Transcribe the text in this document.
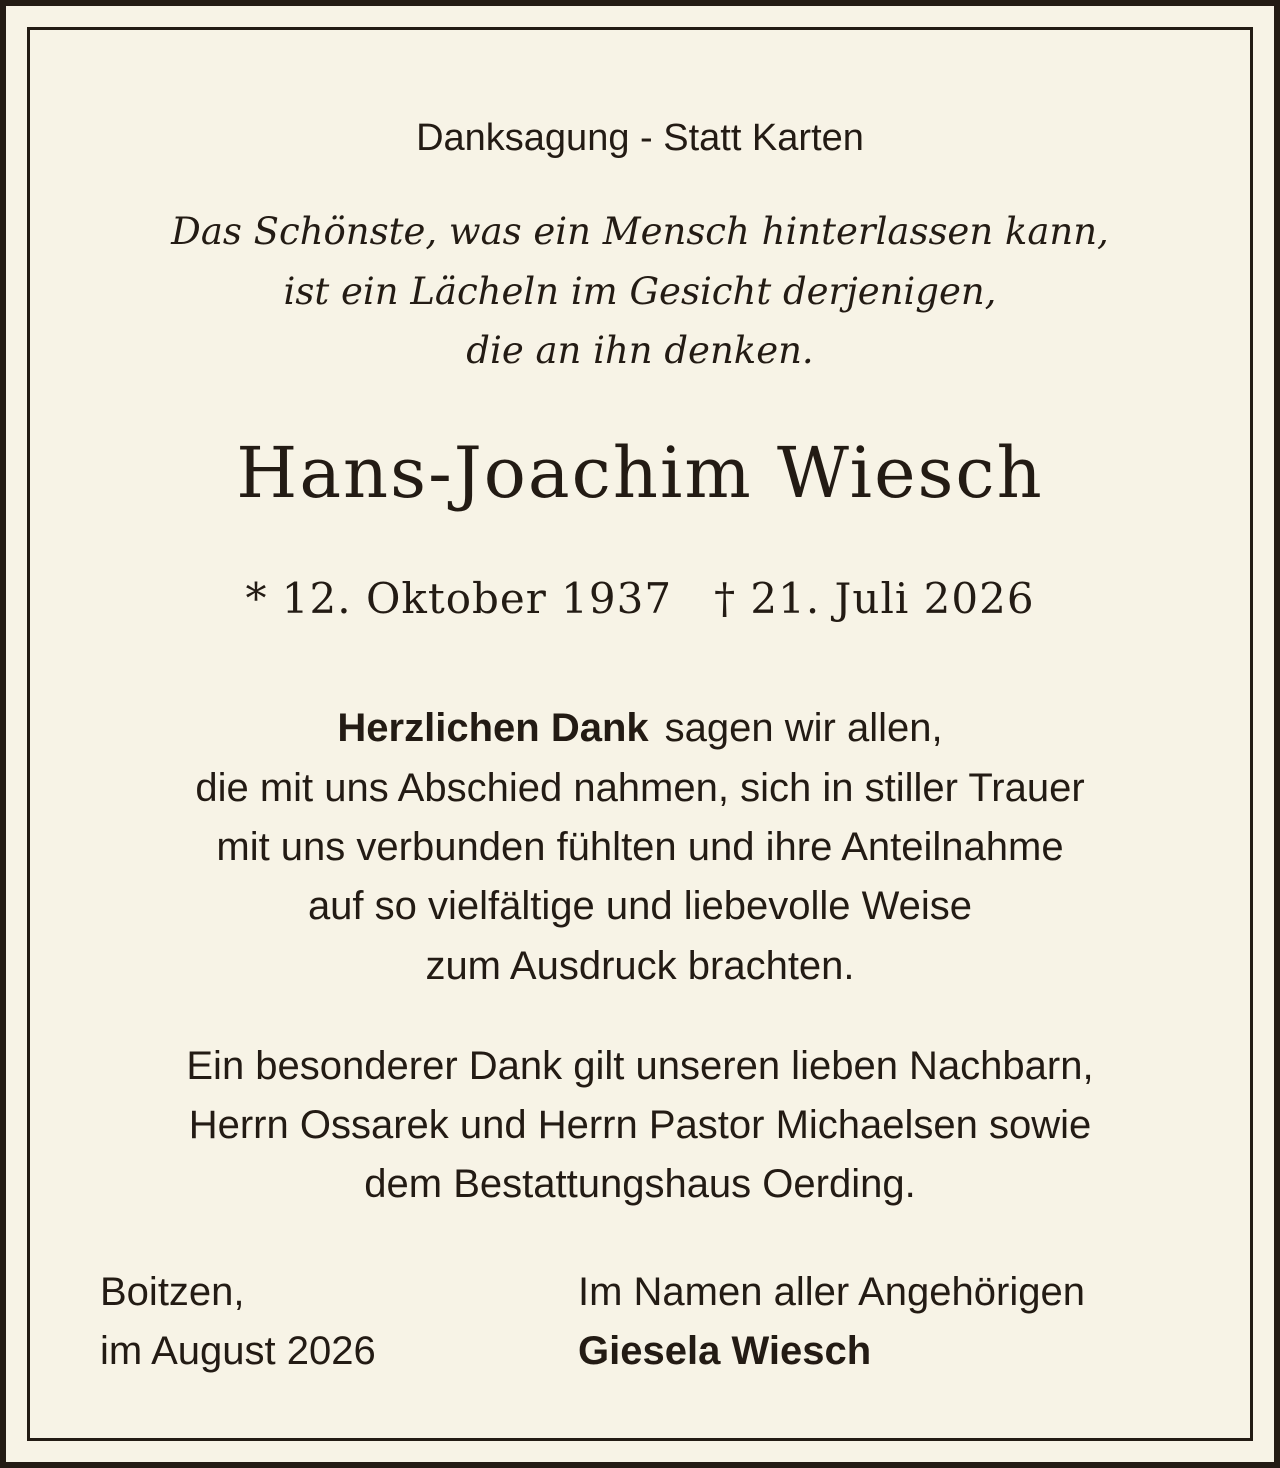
Danksagung - Statt Karten
Das Schönste, was ein Mensch hinterlassen kann,
ist ein Lächeln im Gesicht derjenigen,
die an ihn denken.
Hans-Joachim Wiesch
* 12. Oktober 1937 † 21. Juli 2026
Herzlichen Dank sagen wir allen,
die mit uns Abschied nahmen, sich in stiller Trauer
mit uns verbunden fühlten und ihre Anteilnahme
auf so vielfältige und liebevolle Weise
zum Ausdruck brachten.
Ein besonderer Dank gilt unseren lieben Nachbarn,
Herrn Ossarek und Herrn Pastor Michaelsen sowie
dem Bestattungshaus Oerding.
Boitzen,
im August 2026
Im Namen aller Angehörigen
Giesela Wiesch
